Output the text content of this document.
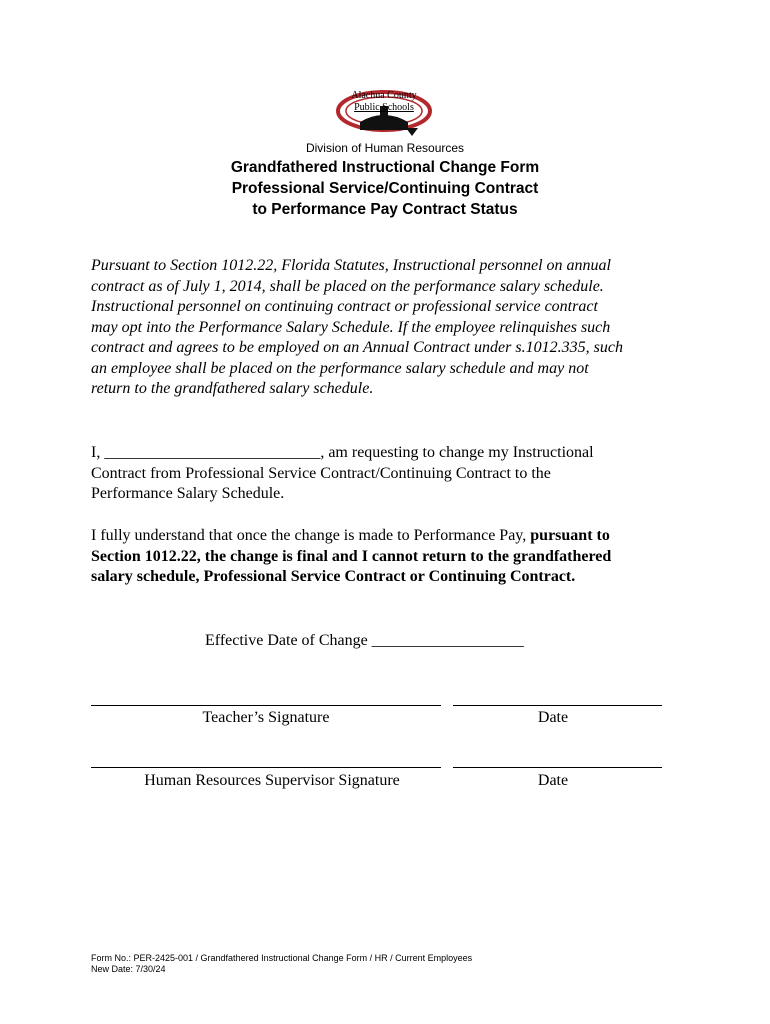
Alachua County
Public Schools
Division of Human Resources
Grandfathered Instructional Change Form
Professional Service/Continuing Contract
to Performance Pay Contract Status
Pursuant to Section 1012.22, Florida Statutes, Instructional personnel on annual
contract as of July 1, 2014, shall be placed on the performance salary schedule.
Instructional personnel on continuing contract or professional service contract
may opt into the Performance Salary Schedule. If the employee relinquishes such
contract and agrees to be employed on an Annual Contract under s.1012.335, such
an employee shall be placed on the performance salary schedule and may not
return to the grandfathered salary schedule.
I, ___________________________, am requesting to change my Instructional
Contract from Professional Service Contract/Continuing Contract to the
Performance Salary Schedule.
I fully understand that once the change is made to Performance Pay, pursuant to
Section 1012.22, the change is final and I cannot return to the grandfathered
salary schedule, Professional Service Contract or Continuing Contract.
Effective Date of Change ___________________
Teacher’s Signature	Date
Human Resources Supervisor Signature	Date
Form No.: PER-2425-001 / Grandfathered Instructional Change Form / HR / Current Employees
New Date: 7/30/24
